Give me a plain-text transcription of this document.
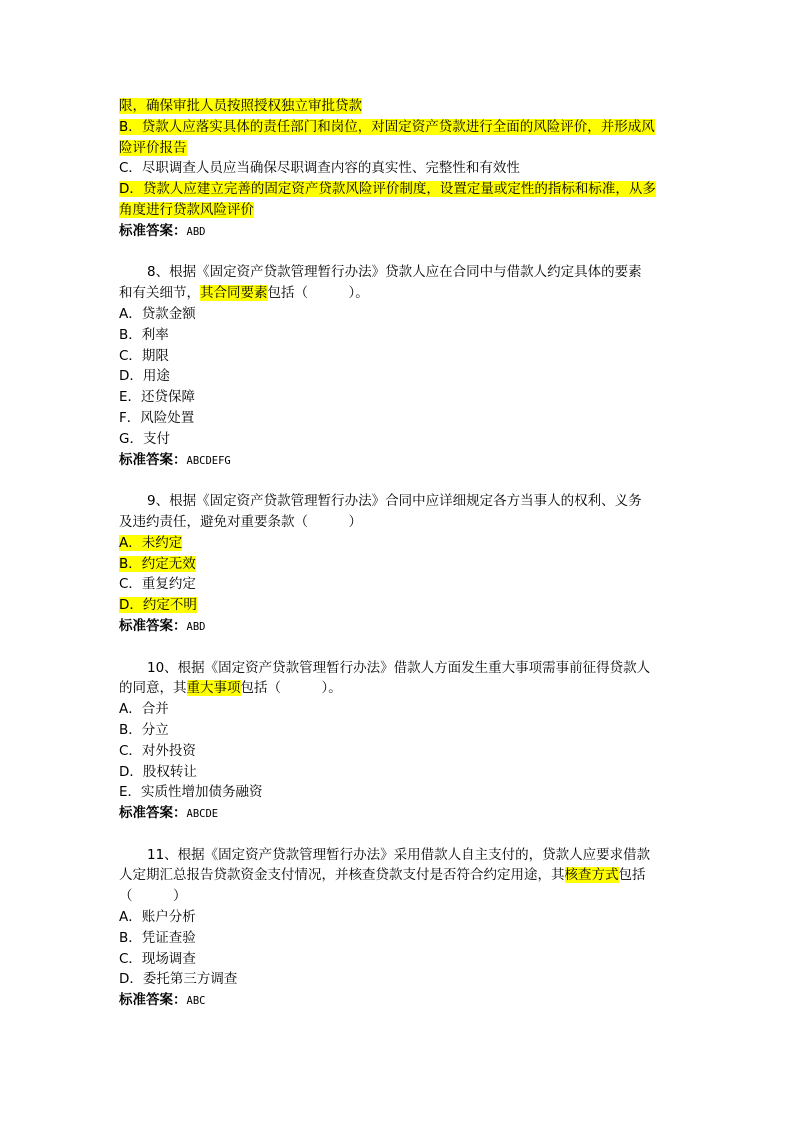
限，确保审批人员按照授权独立审批贷款
B．贷款人应落实具体的责任部门和岗位，对固定资产贷款进行全面的风险评价，并形成风
险评价报告
C．尽职调查人员应当确保尽职调查内容的真实性、完整性和有效性
D．贷款人应建立完善的固定资产贷款风险评价制度，设置定量或定性的指标和标准，从多
角度进行贷款风险评价
标准答案：ABD
8、根据《固定资产贷款管理暂行办法》贷款人应在合同中与借款人约定具体的要素
和有关细节，其合同要素包括（　　　）。
A．贷款金额
B．利率
C．期限
D．用途
E．还贷保障
F．风险处置
G．支付
标准答案：ABCDEFG
9、根据《固定资产贷款管理暂行办法》合同中应详细规定各方当事人的权利、义务
及违约责任，避免对重要条款（　　　）
A．未约定
B．约定无效
C．重复约定
D．约定不明
标准答案：ABD
10、根据《固定资产贷款管理暂行办法》借款人方面发生重大事项需事前征得贷款人
的同意，其重大事项包括（　　　）。
A．合并
B．分立
C．对外投资
D．股权转让
E．实质性增加债务融资
标准答案：ABCDE
11、根据《固定资产贷款管理暂行办法》采用借款人自主支付的，贷款人应要求借款
人定期汇总报告贷款资金支付情况，并核查贷款支付是否符合约定用途，其核查方式包括
（　　　）
A．账户分析
B．凭证查验
C．现场调查
D．委托第三方调查
标准答案：ABC
